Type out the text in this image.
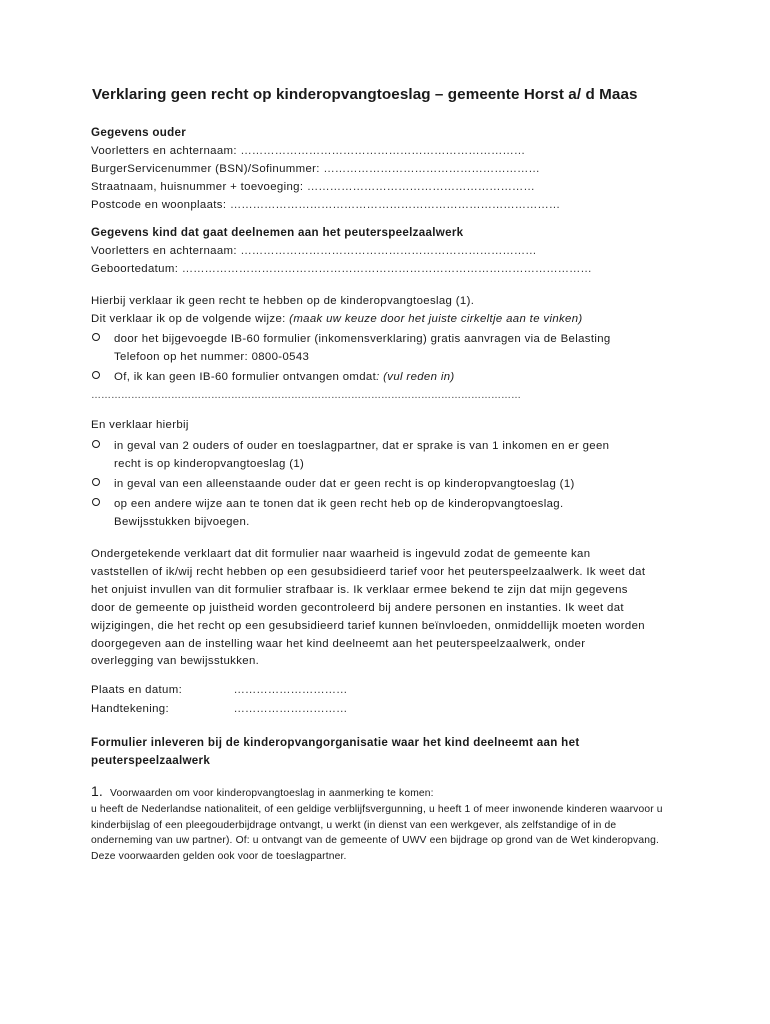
Verklaring geen recht op kinderopvangtoeslag – gemeente Horst a/ d Maas
Gegevens ouder
Voorletters en achternaam: …………………………………………………………………
BurgerServicenummer (BSN)/Sofinummer: …………………………………………………
Straatnaam, huisnummer + toevoeging: ……………………………………………………
Postcode en woonplaats: ……………………………………………………………………………
Gegevens kind dat gaat deelnemen aan het peuterspeelzaalwerk
Voorletters en achternaam: ……………………………………………………………………
Geboortedatum: ………………………………………………………………………………………………
Hierbij verklaar ik geen recht te hebben op de kinderopvangtoeslag (1).
Dit verklaar ik op de volgende wijze: (maak uw keuze door het juiste cirkeltje aan te vinken)
door het bijgevoegde IB-60 formulier (inkomensverklaring) gratis aanvragen via de Belasting Telefoon op het nummer: 0800-0543
Of, ik kan geen IB-60 formulier ontvangen omdat: (vul reden in)
…………………………………………………………………………………………………………………
En verklaar hierbij
in geval van 2 ouders of ouder en toeslagpartner, dat er sprake is van 1 inkomen en er geen recht is op kinderopvangtoeslag (1)
in geval van een alleenstaande ouder dat er geen recht is op kinderopvangtoeslag (1)
op een andere wijze aan te tonen dat ik geen recht heb op de kinderopvangtoeslag. Bewijsstukken bijvoegen.
Ondergetekende verklaart dat dit formulier naar waarheid is ingevuld zodat de gemeente kan vaststellen of ik/wij recht hebben op een gesubsidieerd tarief voor het peuterspeelzaalwerk. Ik weet dat het onjuist invullen van dit formulier strafbaar is. Ik verklaar ermee bekend te zijn dat mijn gegevens door de gemeente op juistheid worden gecontroleerd bij andere personen en instanties. Ik weet dat wijzigingen, die het recht op een gesubsidieerd tarief kunnen beïnvloeden, onmiddellijk moeten worden doorgegeven aan de instelling waar het kind deelneemt aan het peuterspeelzaalwerk, onder overlegging van bewijsstukken.
Plaats en datum:	…………………………
Handtekening:	…………………………
Formulier inleveren bij de kinderopvangorganisatie waar het kind deelneemt aan het peuterspeelzaalwerk
1. Voorwaarden om voor kinderopvangtoeslag in aanmerking te komen:
u heeft de Nederlandse nationaliteit, of een geldige verblijfsvergunning, u heeft 1 of meer inwonende kinderen waarvoor u kinderbijslag of een pleegouderbijdrage ontvangt, u werkt (in dienst van een werkgever, als zelfstandige of in de onderneming van uw partner). Of: u ontvangt van de gemeente of UWV een bijdrage op grond van de Wet kinderopvang.
Deze voorwaarden gelden ook voor de toeslagpartner.
